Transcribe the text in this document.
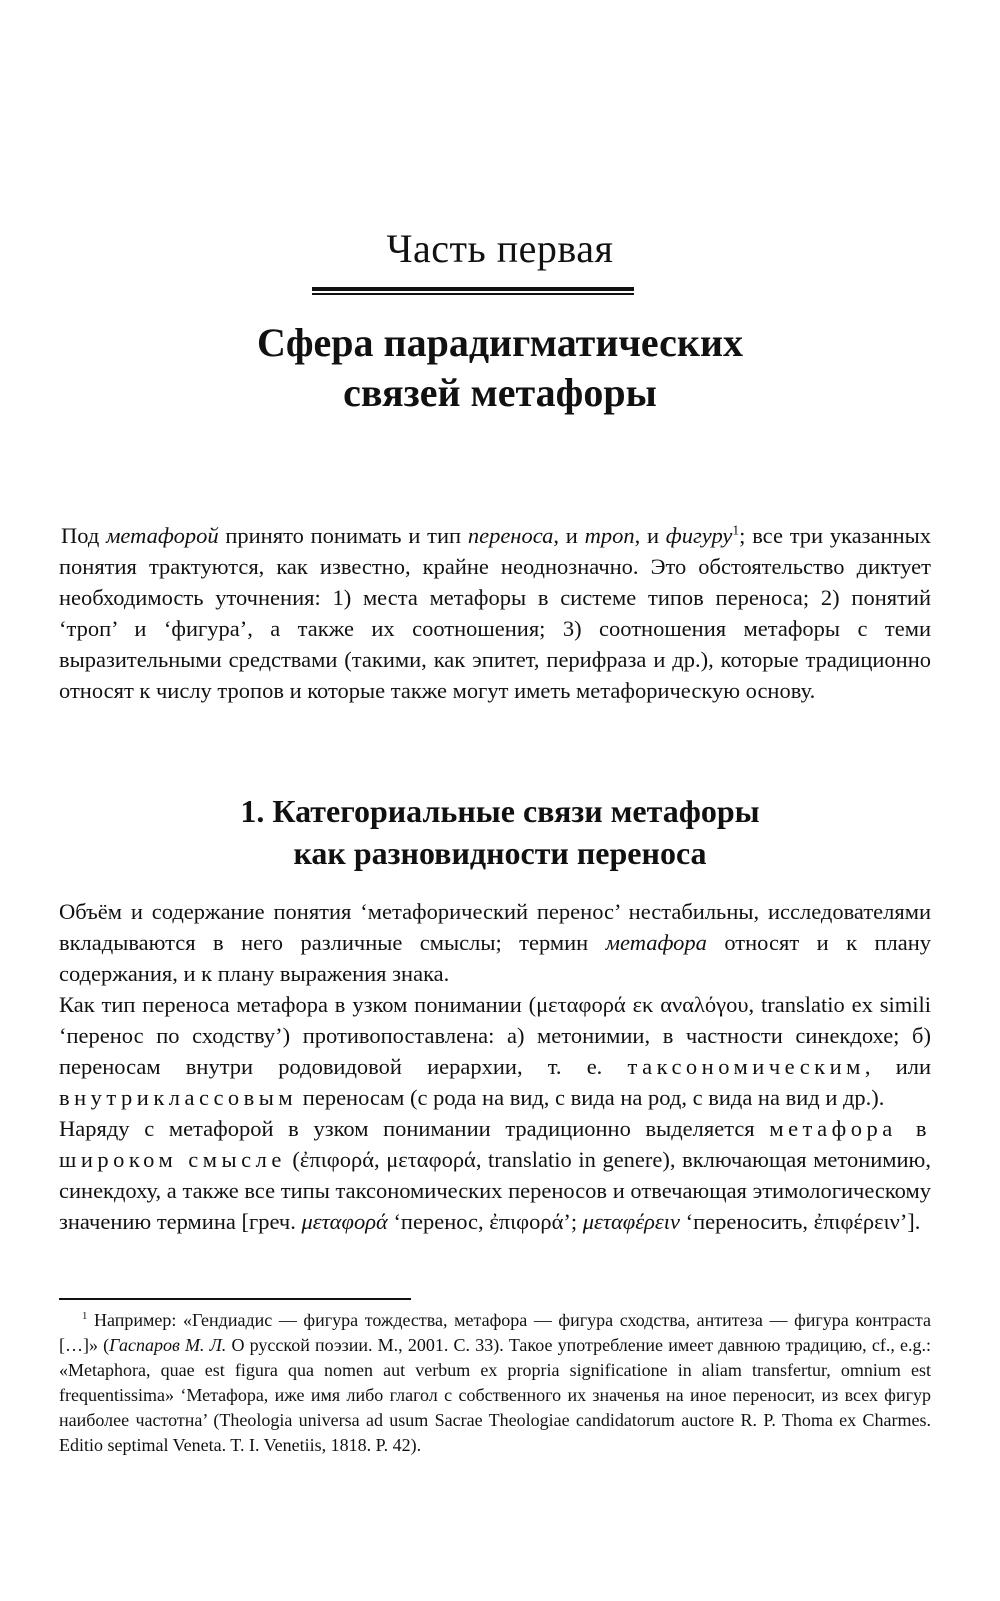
Часть первая
Сфера парадигматических
связей метафоры

Под метафорой принято понимать и тип переноса, и троп, и фигуру$^1$; все три указанных понятия трактуются, как известно, крайне неоднозначно. Это обстоятельство диктует необходимость уточнения: 1) места метафоры в системе типов переноса; 2) понятий ‘троп’ и ‘фигура’, а также их соотношения; 3) соотношения метафоры с теми выразительными средствами (такими, как эпитет, перифраза и др.), которые традиционно относят к числу тропов и которые также могут иметь метафорическую основу.

1. Категориальные связи метафоры
как разновидности переноса

Объём и содержание понятия ‘метафорический перенос’ нестабильны, исследователями вкладываются в него различные смыслы; термин метафора относят и к плану содержания, и к плану выражения знака.

Как тип переноса метафора в узком понимании (μεταφορά εκ αναλόγου, translatio ex simili ‘перенос по сходству’) противопоставлена: а) метонимии, в частности синекдохе; б) переносам внутри родовидовой иерархии, т. е. таксономическим, или внутриклассовым переносам (с рода на вид, с вида на род, с вида на вид и др.).

Наряду с метафорой в узком понимании традиционно выделяется метафора в широком смысле (ἐπιφορά, μεταφορά, translatio in genere), включающая метонимию, синекдоху, а также все типы таксономических переносов и отвечающая этимологическому значению термина [греч. μεταφορά ‘перенос, ἐπιφορά’; μεταφέρειν ‘переносить, ἐπιφέρειν’].

$^1$ Например: «Гендиадис — фигура тождества, метафора — фигура сходства, антитеза — фигура контраста […]» (Гаспаров М. Л. О русской поэзии. М., 2001. С. 33). Такое употребление имеет давнюю традицию, cf., e.g.: «Metaphora, quae est figura qua nomen aut verbum ex propria significatione in aliam transfertur, omnium est frequentissima» ‘Метафора, иже имя либо глагол с собственного их значенья на иное переносит, из всех фигур наиболее частотна’ (Theologia universa ad usum Sacrae Theologiae candidatorum auctore R. P. Thoma ex Charmes. Editio septimal Veneta. T. I. Venetiis, 1818. P. 42).
